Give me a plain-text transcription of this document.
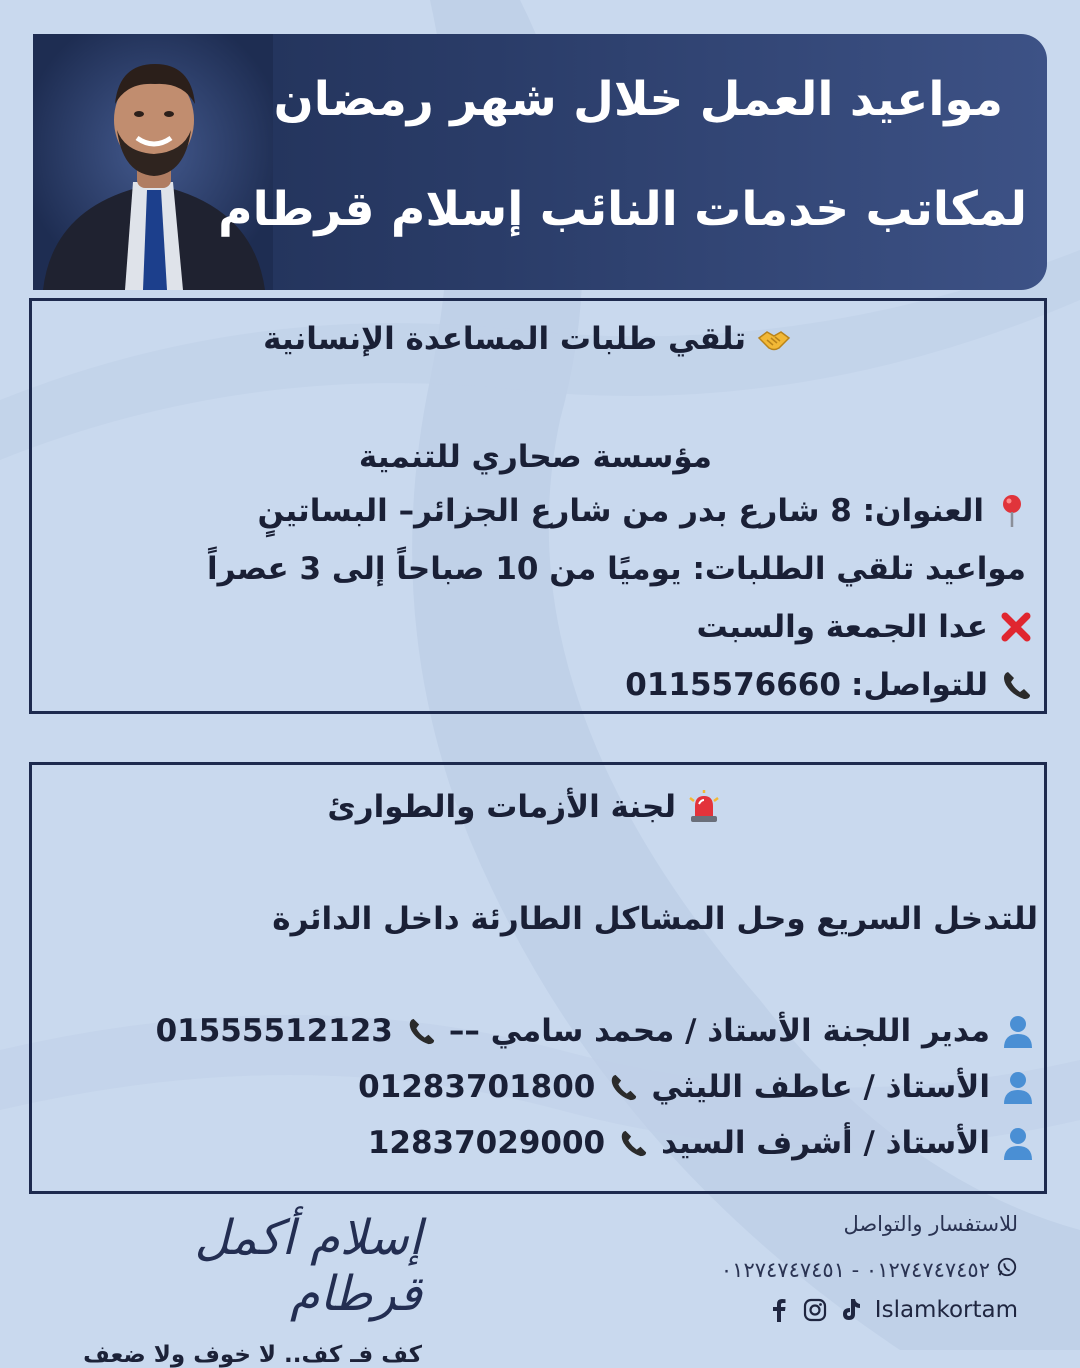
مواعيد العمل خلال شهر رمضان
لمكاتب خدمات النائب إسلام قرطام
تلقي طلبات المساعدة الإنسانية
مؤسسة صحاري للتنمية
العنوان: 8 شارع بدر من شارع الجزائر– البساتينٍ
مواعيد تلقي الطلبات: يوميًا من 10 صباحاً إلى 3 عصراً
عدا الجمعة والسبت
للتواصل:
0115576660
لجنة الأزمات والطوارئ
للتدخل السريع وحل المشاكل الطارئة داخل الدائرة
مدير اللجنة الأستاذ / محمد سامي ––
01555512123
الأستاذ / عاطف الليثي
01283701800
الأستاذ / أشرف السيد
12837029000
للاستفسار والتواصل
٠١٢٧٤٧٤٧٤٥٢ - ٠١٢٧٤٧٤٧٤٥١
Islamkortam
إسلام أكمل قرطام
كف فـ كف.. لا خوف ولا ضعف
